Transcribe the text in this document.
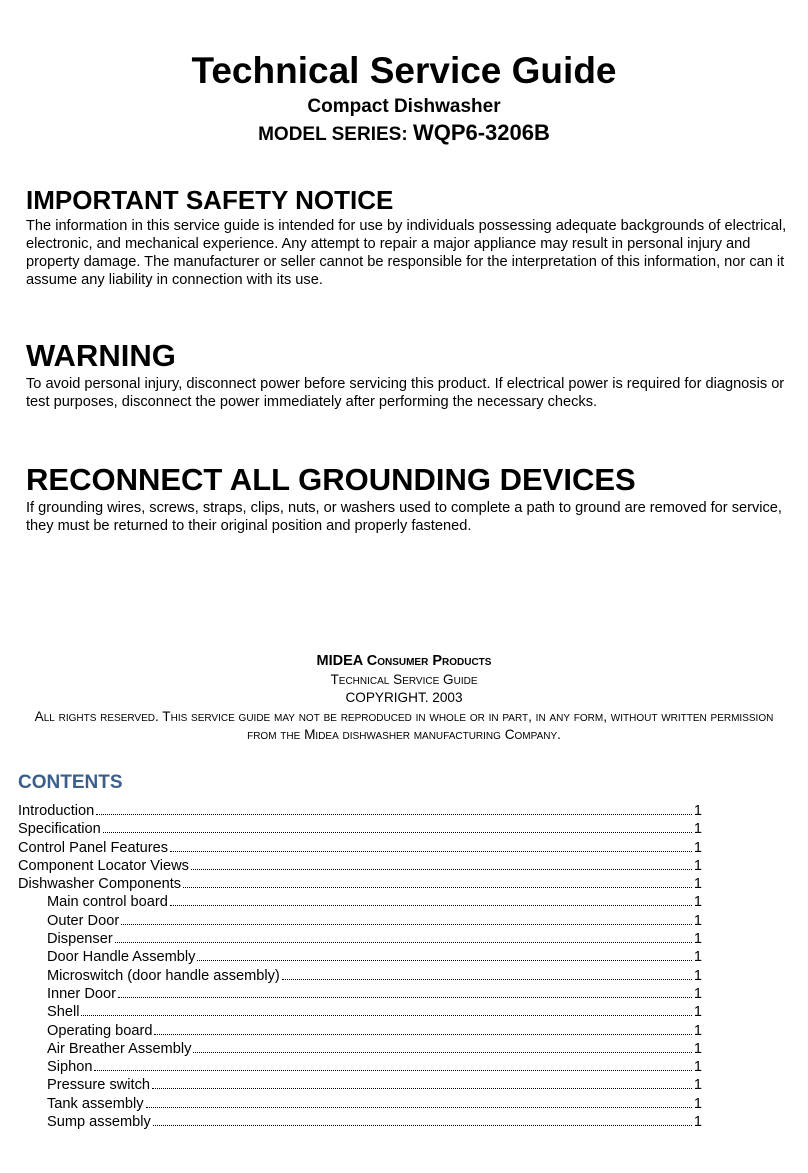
Technical Service Guide
Compact Dishwasher
MODEL SERIES: WQP6-3206B
IMPORTANT SAFETY NOTICE

The information in this service guide is intended for use by individuals possessing adequate backgrounds of electrical, electronic, and mechanical experience. Any attempt to repair a major appliance may result in personal injury and property damage. The manufacturer or seller cannot be responsible for the interpretation of this information, nor can it assume any liability in connection with its use.

WARNING

To avoid personal injury, disconnect power before servicing this product. If electrical power is required for diagnosis or test purposes, disconnect the power immediately after performing the necessary checks.

RECONNECT ALL GROUNDING DEVICES

If grounding wires, screws, straps, clips, nuts, or washers used to complete a path to ground are removed for service, they must be returned to their original position and properly fastened.

MIDEA Consumer Products
Technical Service Guide
COPYRIGHT. 2003
All rights reserved. This service guide may not be reproduced in whole or in part, in any form, without written permission from the Midea dishwasher manufacturing Company.
CONTENTS
Introduction	1
Specification	1
Control Panel Features	1
Component Locator Views	1
Dishwasher Components	1
Main control board	1
Outer Door	1
Dispenser	1
Door Handle Assembly	1
Microswitch (door handle assembly)	1
Inner Door	1
Shell	1
Operating board	1
Air Breather Assembly	1
Siphon	1
Pressure switch	1
Tank assembly	1
Sump assembly	1
